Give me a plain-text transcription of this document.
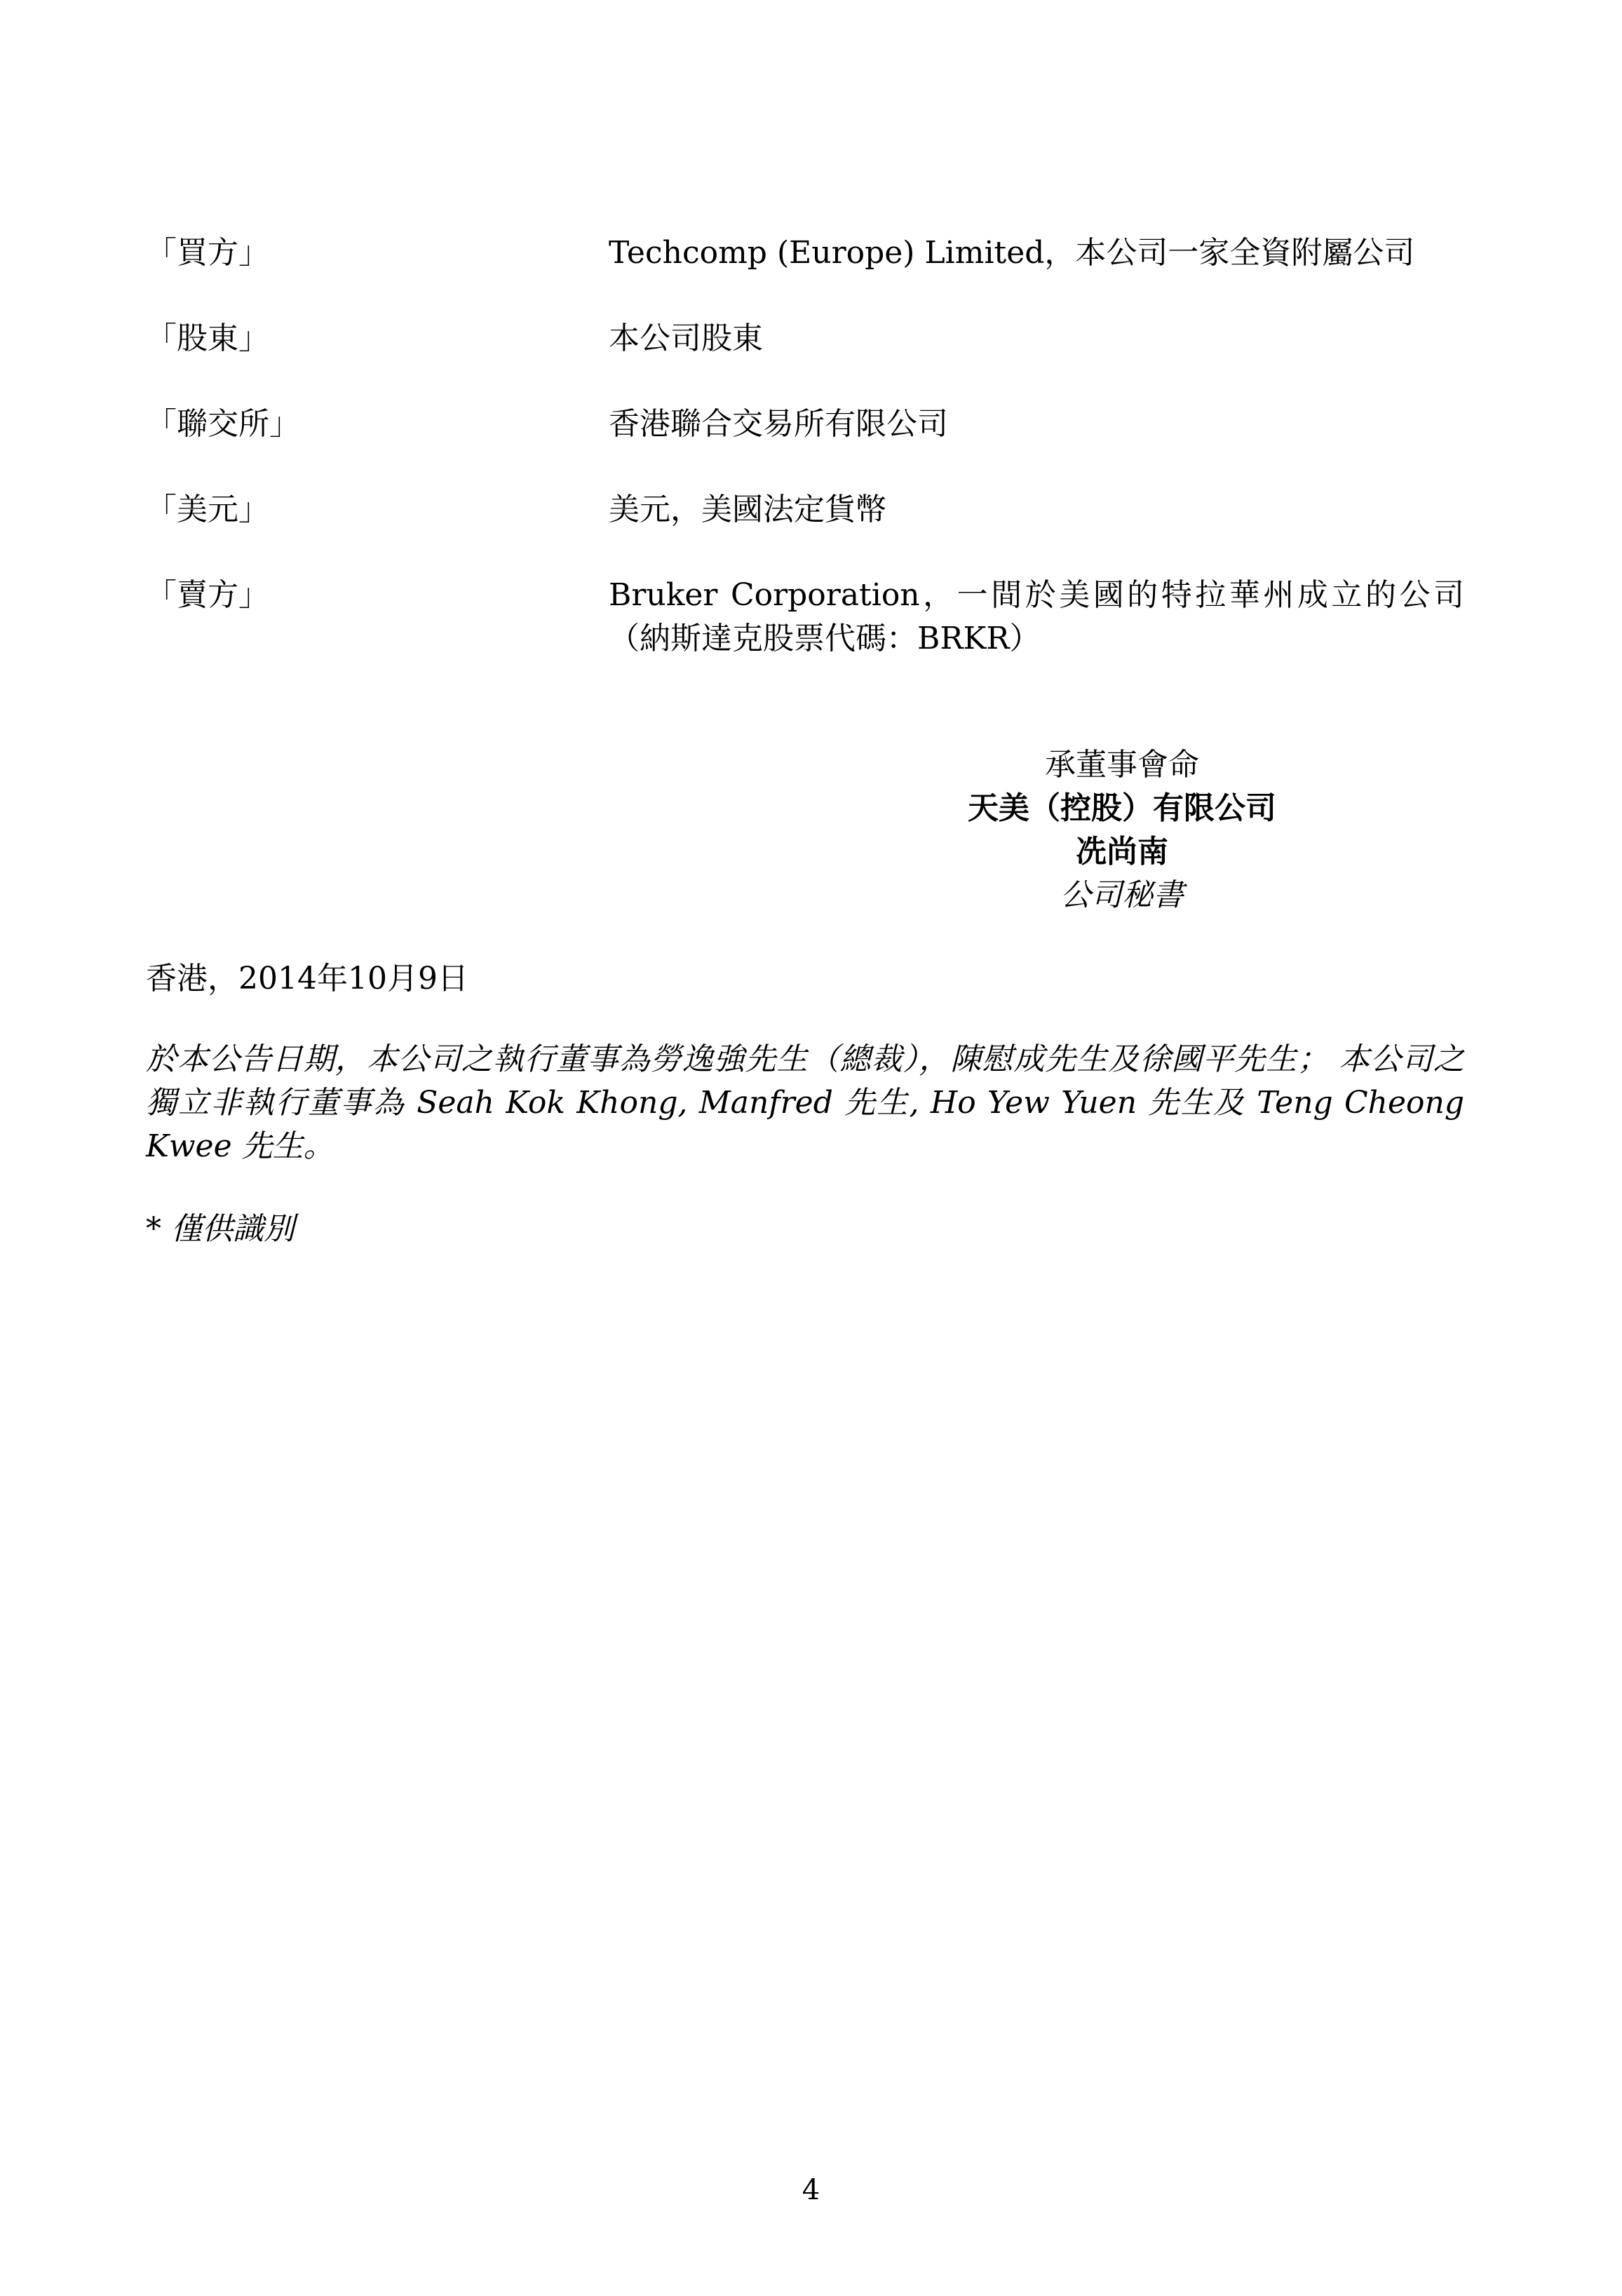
「買方」	Techcomp (Europe) Limited，本公司一家全資附屬公司
「股東」	本公司股東
「聯交所」	香港聯合交易所有限公司
「美元」	美元，美國法定貨幣
「賣方」	Bruker Corporation，一間於美國的特拉華州成立的公司（納斯達克股票代碼：BRKR）
承董事會命
天美（控股）有限公司
冼尚南
公司秘書
香港，2014年10月9日
於本公告日期，本公司之執行董事為勞逸強先生（總裁），陳慰成先生及徐國平先生； 本公司之獨立非執行董事為 Seah Kok Khong, Manfred 先生, Ho Yew Yuen 先生及 Teng Cheong Kwee 先生。
* 僅供識別
4
